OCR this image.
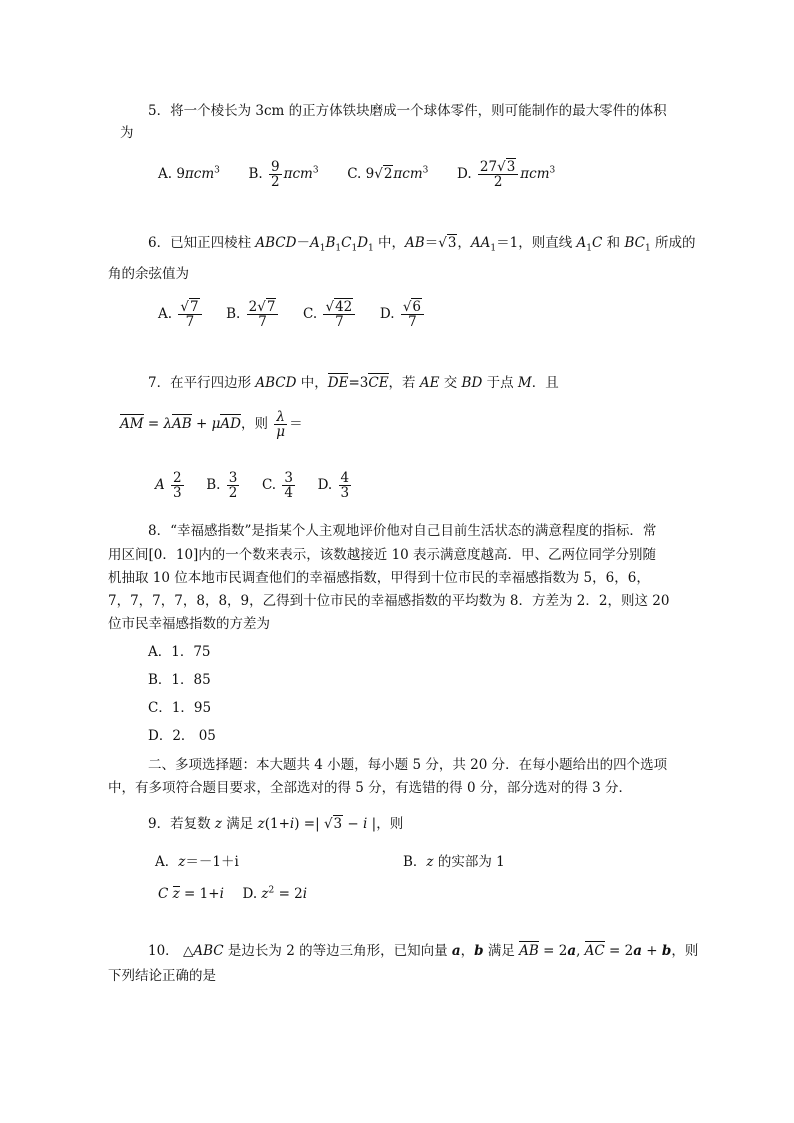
5．将一个棱长为 3cm 的正方体铁块磨成一个球体零件，则可能制作的最大零件的体积
为
A. 9πcm$^3$ B. $\frac{9}{2} \pi cm^3$ C. 9√2πcm$^3$ D. $\frac{27√3}{2} \pi cm^3$
6．已知正四棱柱 $ABCD-A_1B_1C_1D_1$ 中，AB＝√3，$AA_1=1$，则直线 $A_1C$ 和 $BC_1$ 所成的
角的余弦值为
A. $\frac{√7}{7} B$. $\frac{2√7}{7} C$. $\frac{√42}{7} D$. $\frac{√6}{7}$
7．在平行四边形 ABCD 中，DE=3CE，若 AE 交 BD 于点 M．且
AM = λAB + μAD，则 $\frac{\lambda}{\mu}$ ＝
A $\frac{2}{3} B$. $\frac{3}{2} C$. $\frac{3}{4} D$. $\frac{4}{3}$
8．“幸福感指数”是指某个人主观地评价他对自己目前生活状态的满意程度的指标．常
用区间[0．10]内的一个数来表示，该数越接近 10 表示满意度越高．甲、乙两位同学分别随
机抽取 10 位本地市民调查他们的幸福感指数，甲得到十位市民的幸福感指数为 5，6，6，
7，7，7，7，8，8，9，乙得到十位市民的幸福感指数的平均数为 8．方差为 2．2，则这 20
位市民幸福感指数的方差为
A．1．75
B．1．85
C．1．95
D．2． 05
二、多项选择题：本大题共 4 小题，每小题 5 分，共 20 分．在每小题给出的四个选项
中，有多项符合题目要求，全部选对的得 5 分，有选错的得 0 分，部分选对的得 3 分．
9．若复数 z 满足 z(1+i) =| √3 − i |，则
A．z＝－1＋i	B．z 的实部为 1
C z = 1+i D. $z^2 = 2i$
10． △ABC 是边长为 2 的等边三角形，已知向量 a，b 满足 AB = 2a, AC = 2a + b，则
下列结论正确的是
